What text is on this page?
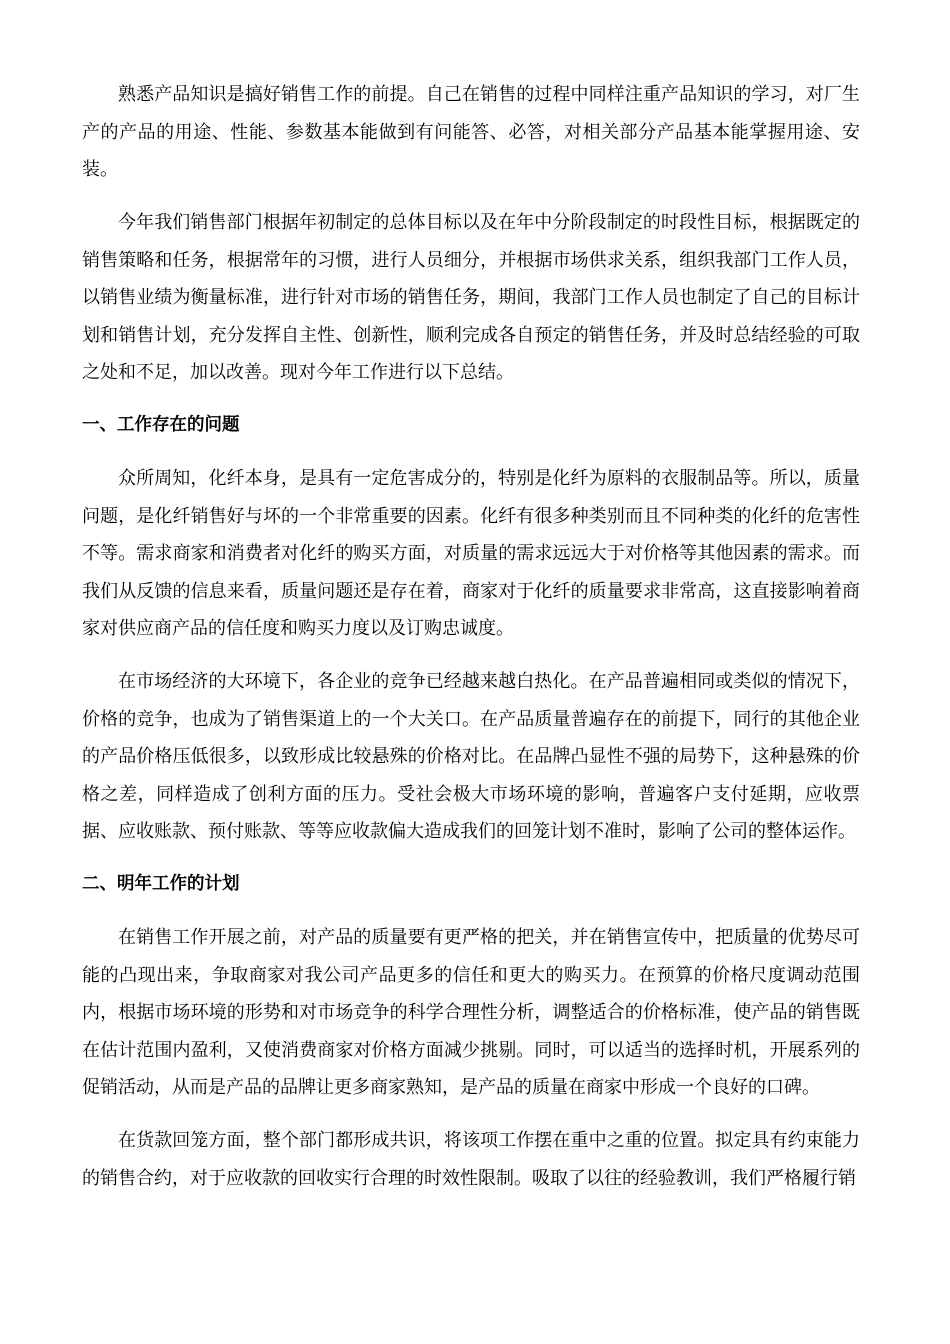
熟悉产品知识是搞好销售工作的前提。自己在销售的过程中同样注重产品知识的学习，对厂生产的产品的用途、性能、参数基本能做到有问能答、必答，对相关部分产品基本能掌握用途、安装。

今年我们销售部门根据年初制定的总体目标以及在年中分阶段制定的时段性目标，根据既定的销售策略和任务，根据常年的习惯，进行人员细分，并根据市场供求关系，组织我部门工作人员，以销售业绩为衡量标准，进行针对市场的销售任务，期间，我部门工作人员也制定了自己的目标计划和销售计划，充分发挥自主性、创新性，顺利完成各自预定的销售任务，并及时总结经验的可取之处和不足，加以改善。现对今年工作进行以下总结。

一、工作存在的问题

众所周知，化纤本身，是具有一定危害成分的，特别是化纤为原料的衣服制品等。所以，质量问题，是化纤销售好与坏的一个非常重要的因素。化纤有很多种类别而且不同种类的化纤的危害性不等。需求商家和消费者对化纤的购买方面，对质量的需求远远大于对价格等其他因素的需求。而我们从反馈的信息来看，质量问题还是存在着，商家对于化纤的质量要求非常高，这直接影响着商家对供应商产品的信任度和购买力度以及订购忠诚度。

在市场经济的大环境下，各企业的竞争已经越来越白热化。在产品普遍相同或类似的情况下，价格的竞争，也成为了销售渠道上的一个大关口。在产品质量普遍存在的前提下，同行的其他企业的产品价格压低很多，以致形成比较悬殊的价格对比。在品牌凸显性不强的局势下，这种悬殊的价格之差，同样造成了创利方面的压力。受社会极大市场环境的影响，普遍客户支付延期，应收票据、应收账款、预付账款、等等应收款偏大造成我们的回笼计划不准时，影响了公司的整体运作。

二、明年工作的计划

在销售工作开展之前，对产品的质量要有更严格的把关，并在销售宣传中，把质量的优势尽可能的凸现出来，争取商家对我公司产品更多的信任和更大的购买力。在预算的价格尺度调动范围内，根据市场环境的形势和对市场竞争的科学合理性分析，调整适合的价格标准，使产品的销售既在估计范围内盈利，又使消费商家对价格方面减少挑剔。同时，可以适当的选择时机，开展系列的促销活动，从而是产品的品牌让更多商家熟知，是产品的质量在商家中形成一个良好的口碑。

在货款回笼方面，整个部门都形成共识，将该项工作摆在重中之重的位置。拟定具有约束能力的销售合约，对于应收款的回收实行合理的时效性限制。吸取了以往的经验教训，我们严格履行销
